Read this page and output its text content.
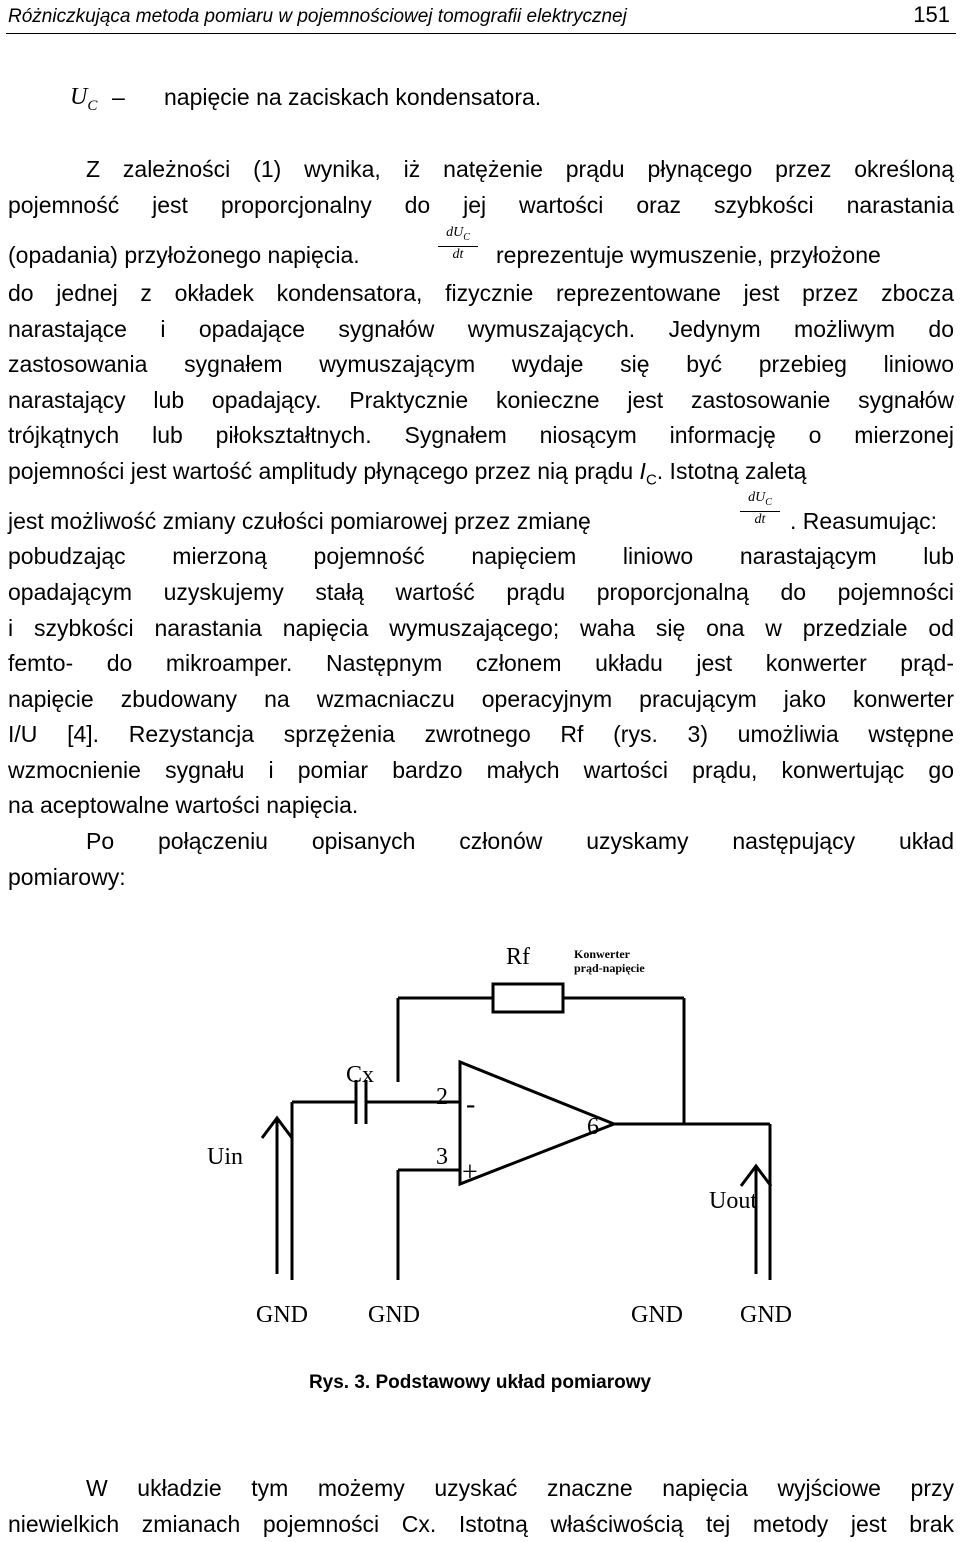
Różniczkująca metoda pomiaru w pojemnościowej tomografii elektrycznej	151
$U_C$ – napięcie na zaciskach kondensatora.
Z zależności (1) wynika, iż natężenie prądu płynącego przez określoną
pojemność jest proporcjonalny do jej wartości oraz szybkości narastania
(opadania) przyłożonego napięcia.
$dU_C$
dt	reprezentuje wymuszenie, przyłożone
do jednej z okładek kondensatora, fizycznie reprezentowane jest przez zbocza
narastające i opadające sygnałów wymuszających. Jedynym możliwym do
zastosowania sygnałem wymuszającym wydaje się być przebieg liniowo
narastający lub opadający. Praktycznie konieczne jest zastosowanie sygnałów
trójkątnych lub piłokształtnych. Sygnałem niosącym informację o mierzonej
pojemności jest wartość amplitudy płynącego przez nią prądu $I_C$. Istotną zaletą
jest możliwość zmiany czułości pomiarowej przez zmianę
$dU_C$
dt	. Reasumując:
pobudzając mierzoną pojemność napięciem liniowo narastającym lub
opadającym uzyskujemy stałą wartość prądu proporcjonalną do pojemności
i szybkości narastania napięcia wymuszającego; waha się ona w przedziale od
femto- do mikroamper. Następnym członem układu jest konwerter prąd-
napięcie zbudowany na wzmacniaczu operacyjnym pracującym jako konwerter
I/U [4]. Rezystancja sprzężenia zwrotnego Rf (rys. 3) umożliwia wstępne
wzmocnienie sygnału i pomiar bardzo małych wartości prądu, konwertując go
na aceptowalne wartości napięcia.
Po połączeniu opisanych członów uzyskamy następujący układ
pomiarowy:
Rf
Cx
2
3
6
-
+
Uin
Uout
GND	GND	GND GND
Konwerter
prąd-napięcie
Rys. 3. Podstawowy układ pomiarowy
W układzie tym możemy uzyskać znaczne napięcia wyjściowe przy
niewielkich zmianach pojemności Cx. Istotną właściwością tej metody jest brak
